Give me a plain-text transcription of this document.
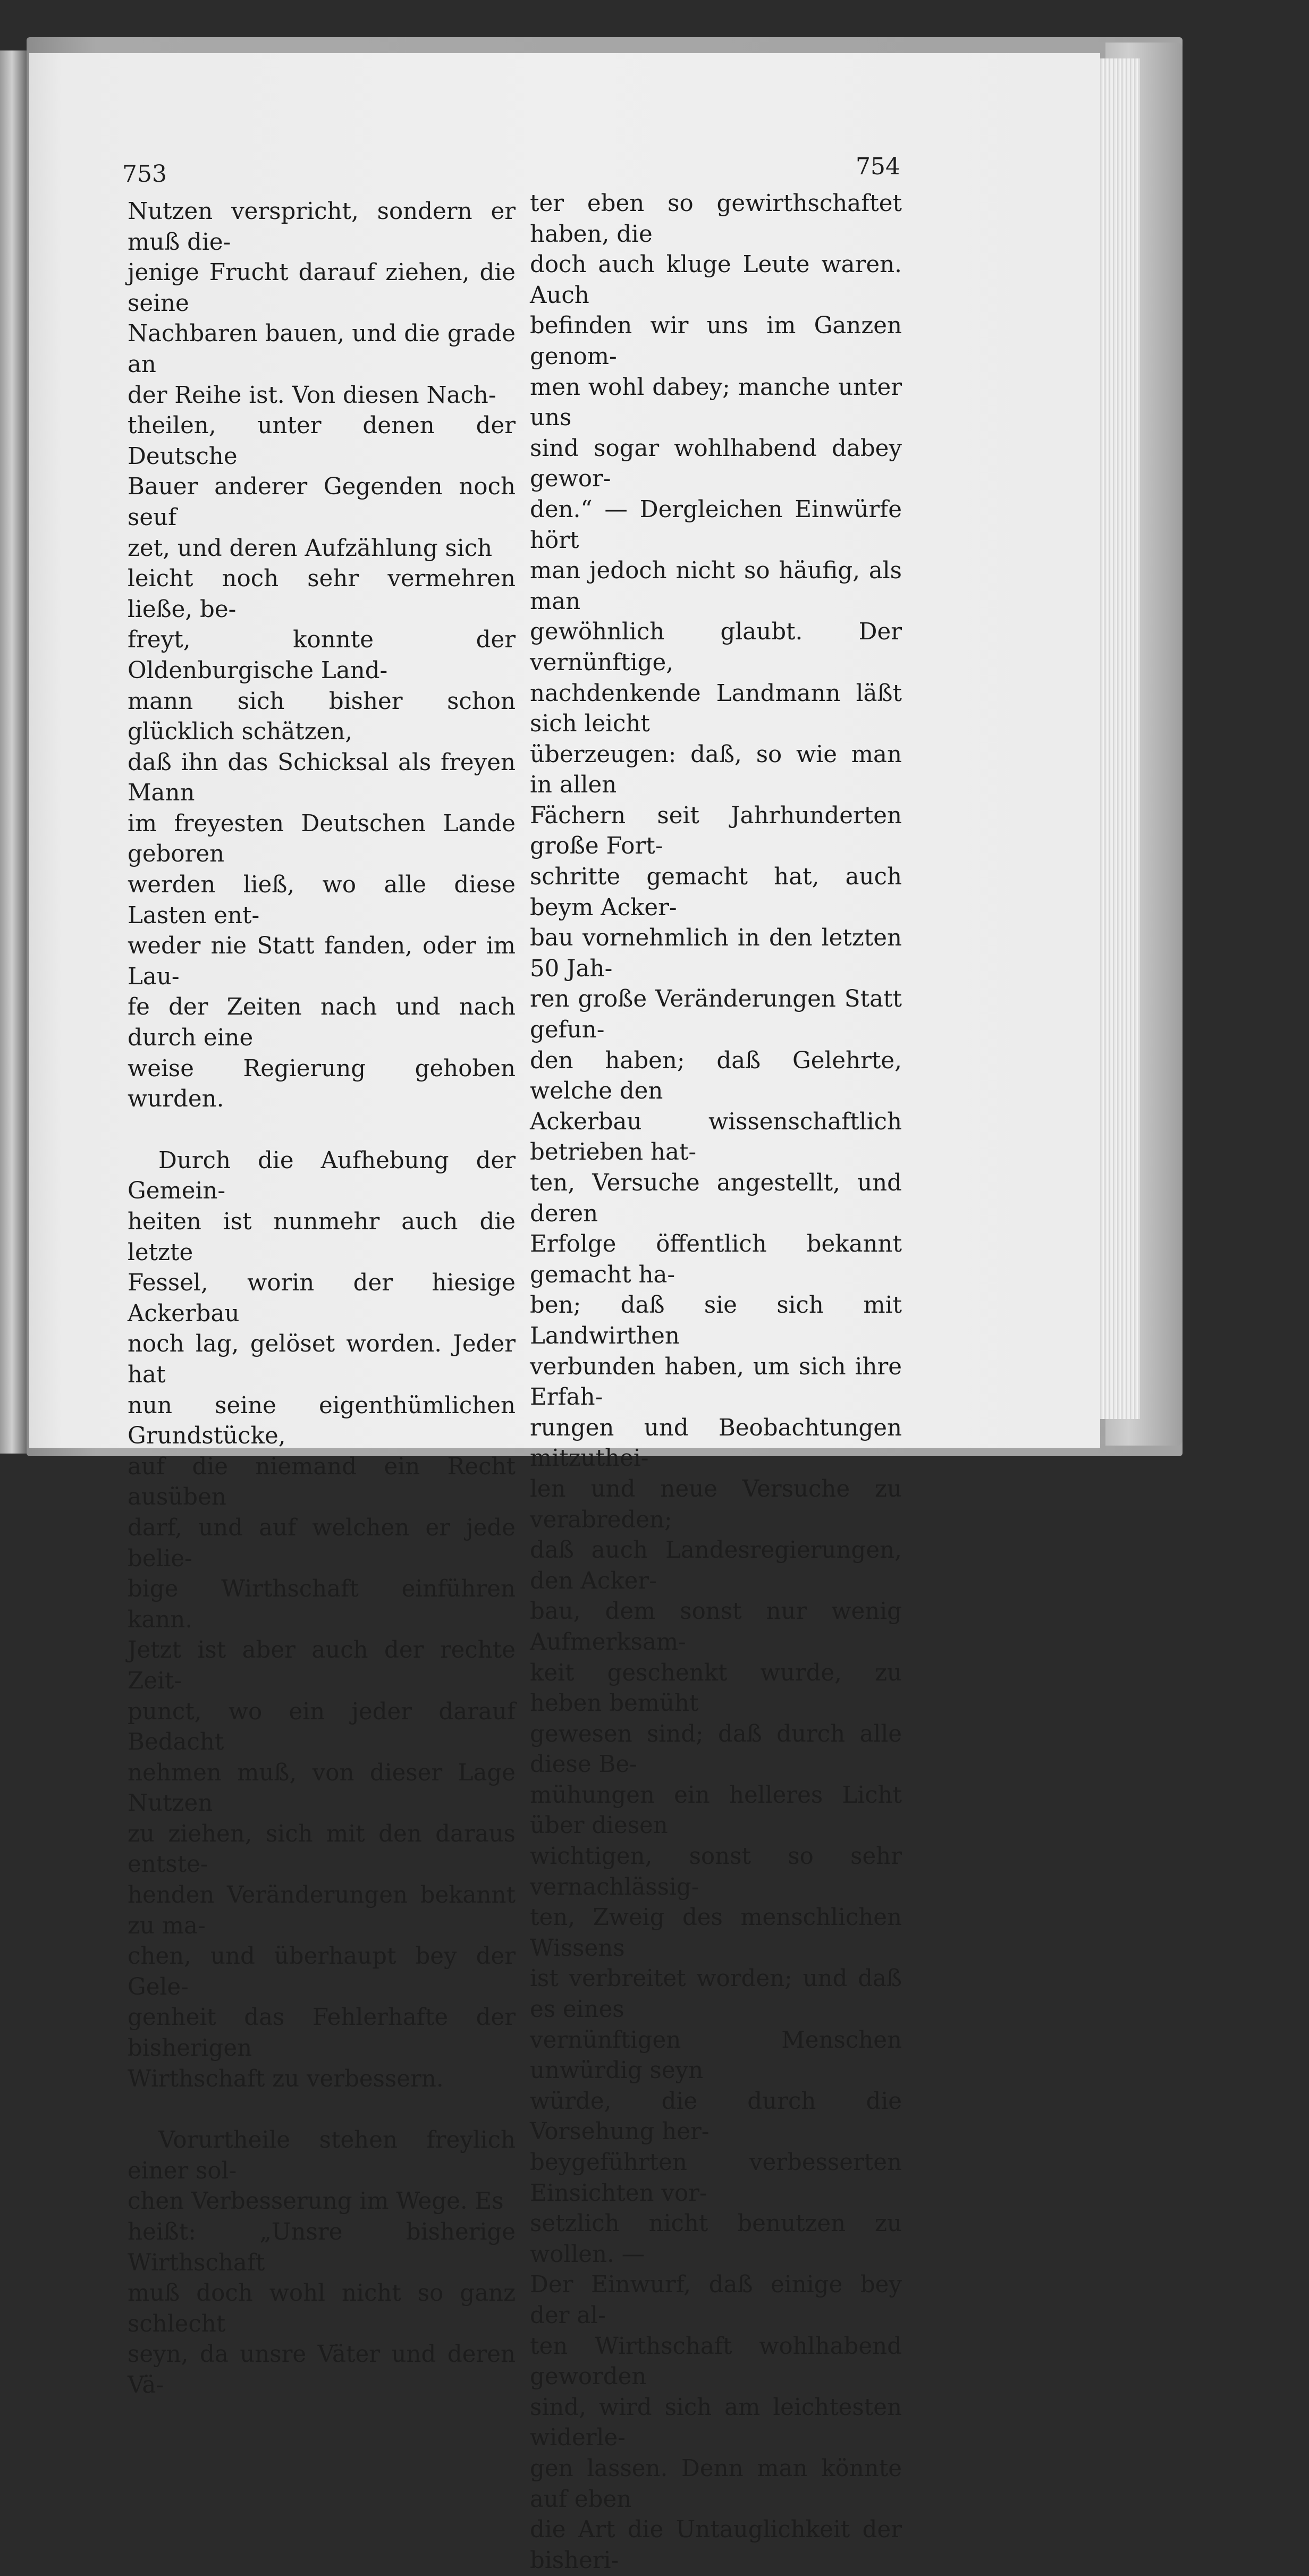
753	754

Nutzen verspricht, sondern er muß die-
jenige Frucht darauf ziehen, die seine
Nachbaren bauen, und die grade an
der Reihe ist. Von diesen Nach-
theilen, unter denen der Deutsche
Bauer anderer Gegenden noch seuf
zet, und deren Aufzählung sich
leicht noch sehr vermehren ließe, be-
freyt, konnte der Oldenburgische Land-
mann sich bisher schon glücklich schätzen,
daß ihn das Schicksal als freyen Mann
im freyesten Deutschen Lande geboren
werden ließ, wo alle diese Lasten ent-
weder nie Statt fanden, oder im Lau-
fe der Zeiten nach und nach durch eine
weise Regierung gehoben wurden.

Durch die Aufhebung der Gemein-
heiten ist nunmehr auch die letzte
Fessel, worin der hiesige Ackerbau
noch lag, gelöset worden. Jeder hat
nun seine eigenthümlichen Grundstücke,
auf die niemand ein Recht ausüben
darf, und auf welchen er jede belie-
bige Wirthschaft einführen kann.
Jetzt ist aber auch der rechte Zeit-
punct, wo ein jeder darauf Bedacht
nehmen muß, von dieser Lage Nutzen
zu ziehen, sich mit den daraus entste-
henden Veränderungen bekannt zu ma-
chen, und überhaupt bey der Gele-
genheit das Fehlerhafte der bisherigen
Wirthschaft zu verbessern.

Vorurtheile stehen freylich einer sol-
chen Verbesserung im Wege. Es
heißt: „Unsre bisherige Wirthschaft
muß doch wohl nicht so ganz schlecht
seyn, da unsre Väter und deren Vä-

ter eben so gewirthschaftet haben, die
doch auch kluge Leute waren. Auch
befinden wir uns im Ganzen genom-
men wohl dabey; manche unter uns
sind sogar wohlhabend dabey gewor-
den.“ — Dergleichen Einwürfe hört
man jedoch nicht so häufig, als man
gewöhnlich glaubt. Der vernünftige,
nachdenkende Landmann läßt sich leicht
überzeugen: daß, so wie man in allen
Fächern seit Jahrhunderten große Fort-
schritte gemacht hat, auch beym Acker-
bau vornehmlich in den letzten 50 Jah-
ren große Veränderungen Statt gefun-
den haben; daß Gelehrte, welche den
Ackerbau wissenschaftlich betrieben hat-
ten, Versuche angestellt, und deren
Erfolge öffentlich bekannt gemacht ha-
ben; daß sie sich mit Landwirthen
verbunden haben, um sich ihre Erfah-
rungen und Beobachtungen mitzuthei-
len und neue Versuche zu verabreden;
daß auch Landesregierungen, den Acker-
bau, dem sonst nur wenig Aufmerksam-
keit geschenkt wurde, zu heben bemüht
gewesen sind; daß durch alle diese Be-
mühungen ein helleres Licht über diesen
wichtigen, sonst so sehr vernachlässig-
ten, Zweig des menschlichen Wissens
ist verbreitet worden; und daß es eines
vernünftigen Menschen unwürdig seyn
würde, die durch die Vorsehung her-
beygeführten verbesserten Einsichten vor-
setzlich nicht benutzen zu wollen. —
Der Einwurf, daß einige bey der al-
ten Wirthschaft wohlhabend geworden
sind, wird sich am leichtesten widerle-
gen lassen. Denn man könnte auf eben
die Art die Untauglichkeit der bisheri-
